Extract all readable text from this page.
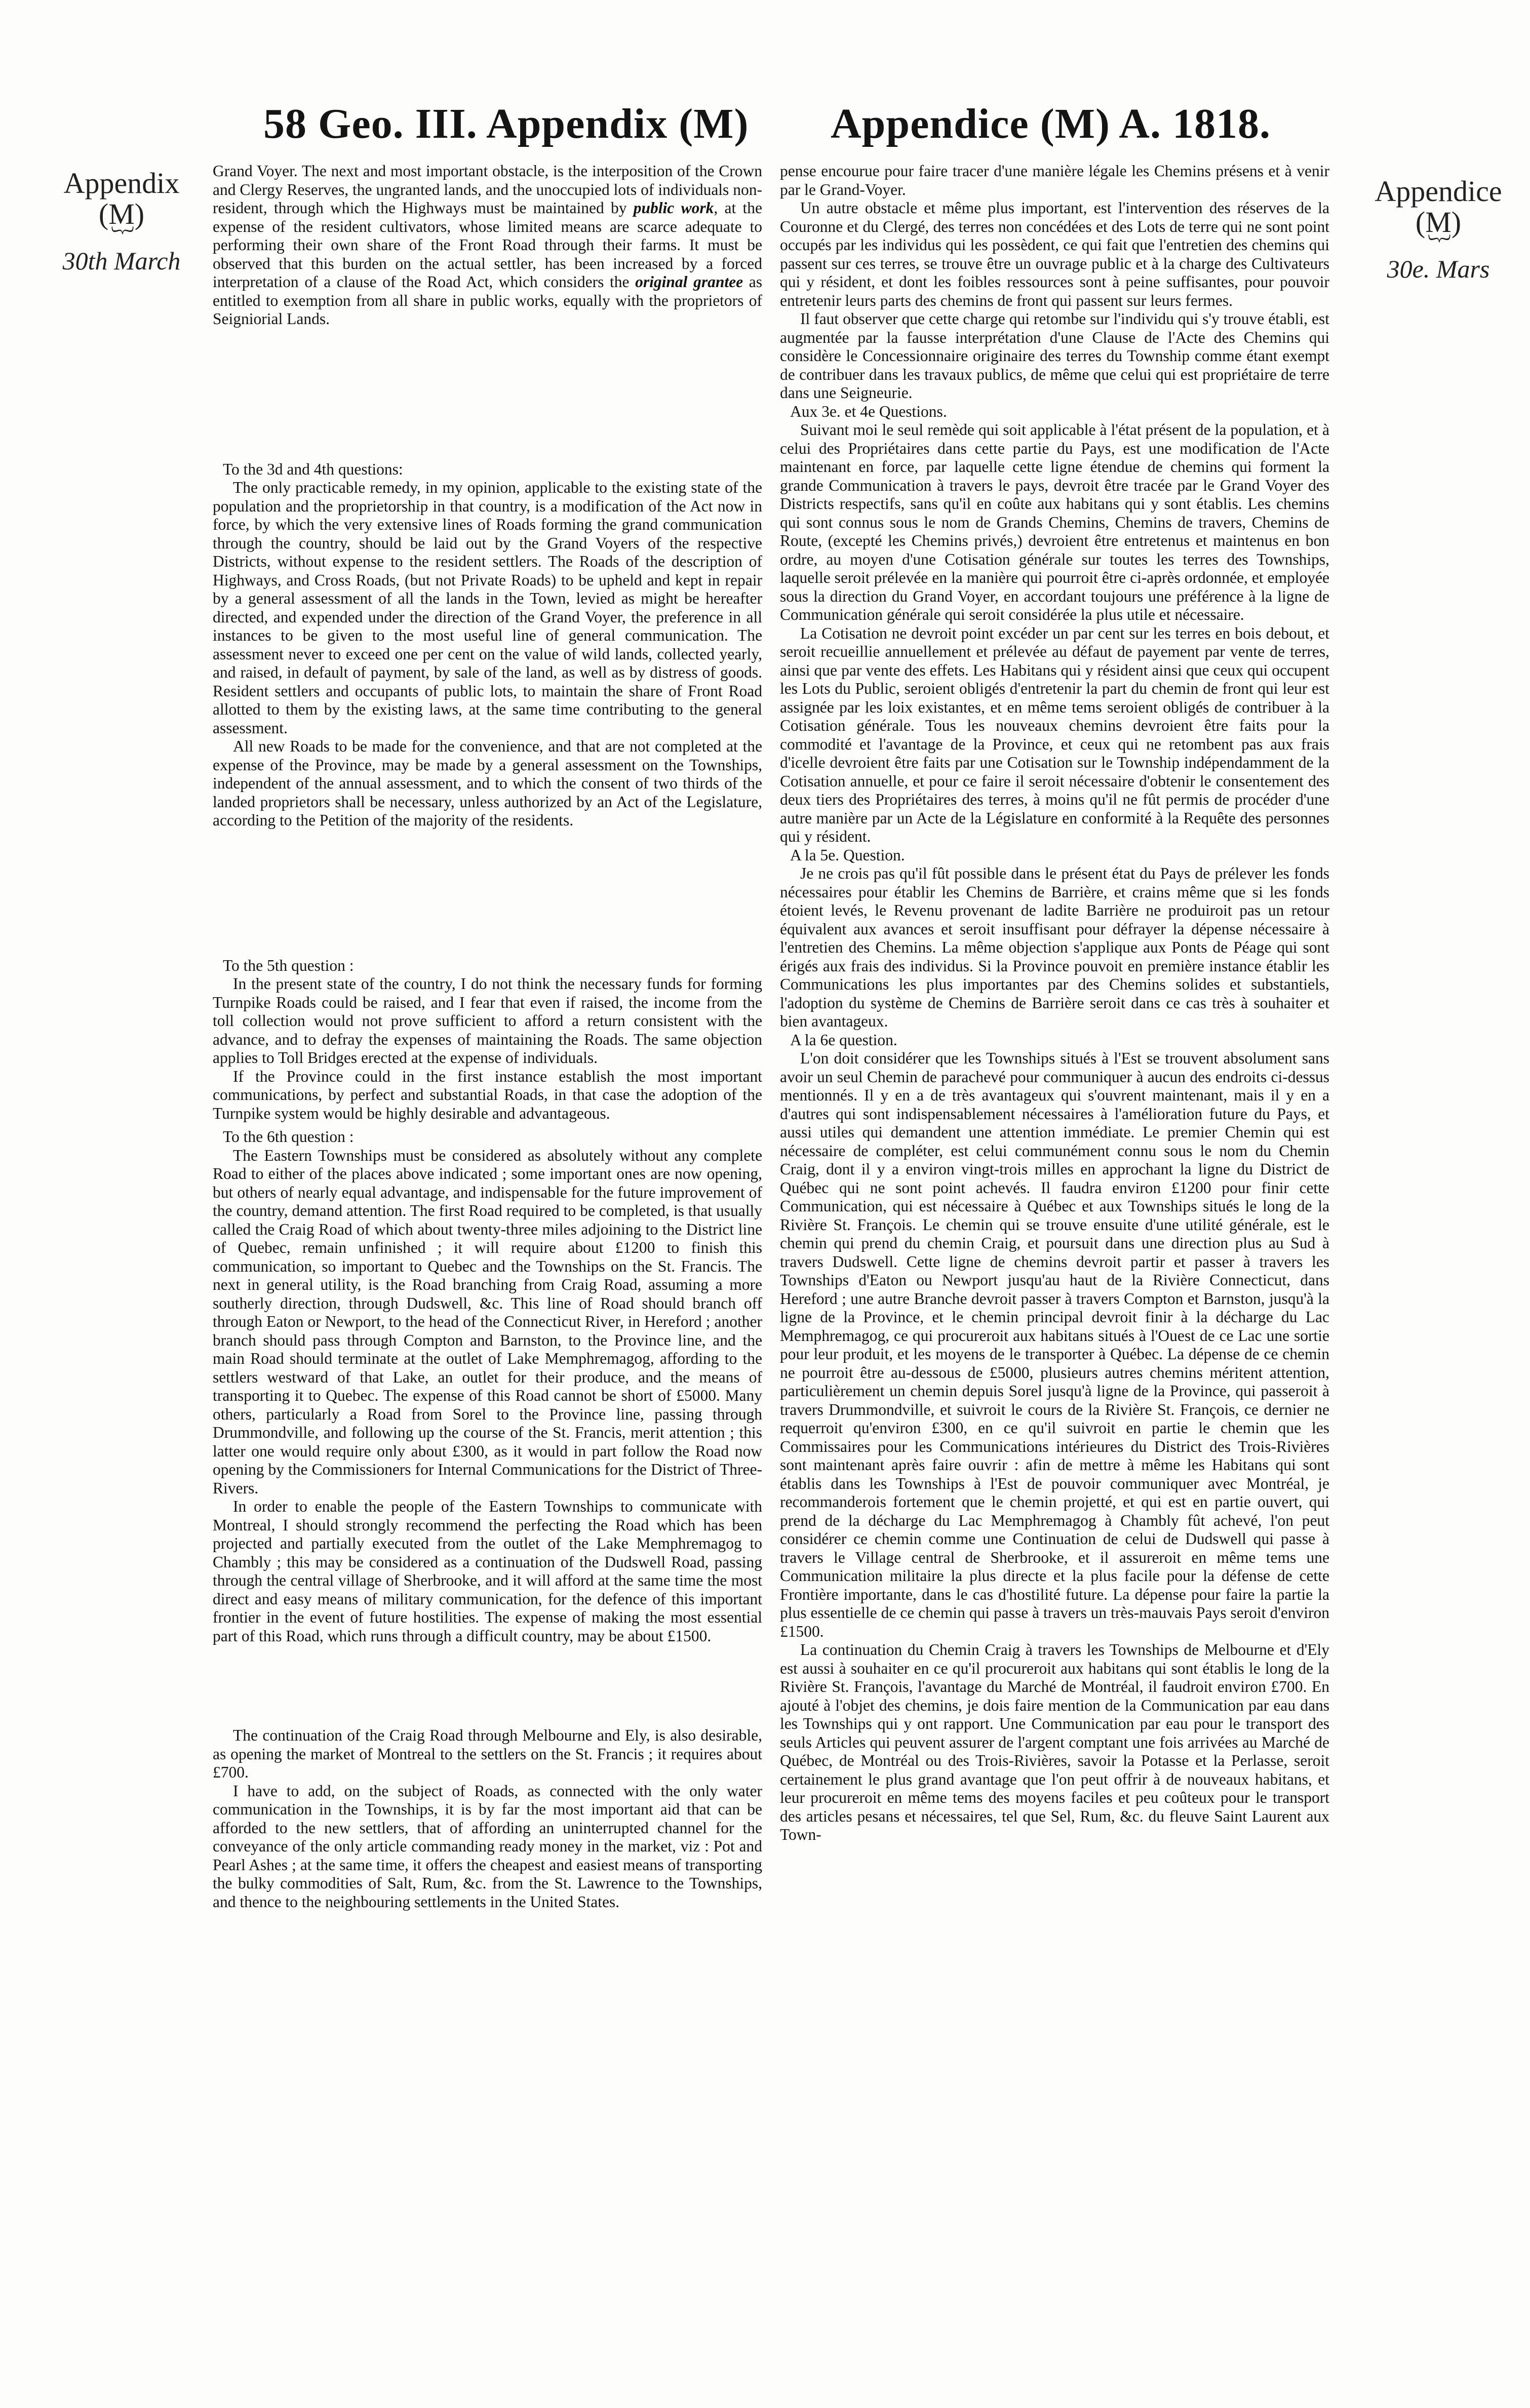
58 Geo. III. Appendix (M) Appendice (M) A. 1818.
Appendix
(M)
︸
30th March
Appendice
(M)
︸
30e. Mars

Grand Voyer. The next and most important obstacle, is the interposition of the Crown and Clergy Reserves, the ungranted lands, and the unoccupied lots of individuals non-resident, through which the Highways must be maintained by public work, at the expense of the resident cultivators, whose limited means are scarce adequate to performing their own share of the Front Road through their farms. It must be observed that this burden on the actual settler, has been increased by a forced interpretation of a clause of the Road Act, which considers the original grantee as entitled to exemption from all share in public works, equally with the proprietors of Seigniorial Lands.

To the 3d and 4th questions:

The only practicable remedy, in my opinion, applicable to the existing state of the population and the proprietorship in that country, is a modification of the Act now in force, by which the very extensive lines of Roads forming the grand communication through the country, should be laid out by the Grand Voyers of the respective Districts, without expense to the resident settlers. The Roads of the description of Highways, and Cross Roads, (but not Private Roads) to be upheld and kept in repair by a general assessment of all the lands in the Town, levied as might be hereafter directed, and expended under the direction of the Grand Voyer, the preference in all instances to be given to the most useful line of general communication. The assessment never to exceed one per cent on the value of wild lands, collected yearly, and raised, in default of payment, by sale of the land, as well as by distress of goods. Resident settlers and occupants of public lots, to maintain the share of Front Road allotted to them by the existing laws, at the same time contributing to the general assessment.

All new Roads to be made for the convenience, and that are not completed at the expense of the Province, may be made by a general assessment on the Townships, independent of the annual assessment, and to which the consent of two thirds of the landed proprietors shall be necessary, unless authorized by an Act of the Legislature, according to the Petition of the majority of the residents.

To the 5th question :

In the present state of the country, I do not think the necessary funds for forming Turnpike Roads could be raised, and I fear that even if raised, the income from the toll collection would not prove sufficient to afford a return consistent with the advance, and to defray the expenses of maintaining the Roads. The same objection applies to Toll Bridges erected at the expense of individuals.

If the Province could in the first instance establish the most important communications, by perfect and substantial Roads, in that case the adoption of the Turnpike system would be highly desirable and advantageous.

To the 6th question :

The Eastern Townships must be considered as absolutely without any complete Road to either of the places above indicated ; some important ones are now opening, but others of nearly equal advantage, and indispensable for the future improvement of the country, demand attention. The first Road required to be completed, is that usually called the Craig Road of which about twenty-three miles adjoining to the District line of Quebec, remain unfinished ; it will require about £1200 to finish this communication, so important to Quebec and the Townships on the St. Francis. The next in general utility, is the Road branching from Craig Road, assuming a more southerly direction, through Dudswell, &c. This line of Road should branch off through Eaton or Newport, to the head of the Connecticut River, in Hereford ; another branch should pass through Compton and Barnston, to the Province line, and the main Road should terminate at the outlet of Lake Memphremagog, affording to the settlers westward of that Lake, an outlet for their produce, and the means of transporting it to Quebec. The expense of this Road cannot be short of £5000. Many others, particularly a Road from Sorel to the Province line, passing through Drummondville, and following up the course of the St. Francis, merit attention ; this latter one would require only about £300, as it would in part follow the Road now opening by the Commissioners for Internal Communications for the District of Three-Rivers.

In order to enable the people of the Eastern Townships to communicate with Montreal, I should strongly recommend the perfecting the Road which has been projected and partially executed from the outlet of the Lake Memphremagog to Chambly ; this may be considered as a continuation of the Dudswell Road, passing through the central village of Sherbrooke, and it will afford at the same time the most direct and easy means of military communication, for the defence of this important frontier in the event of future hostilities. The expense of making the most essential part of this Road, which runs through a difficult country, may be about £1500.

The continuation of the Craig Road through Melbourne and Ely, is also desirable, as opening the market of Montreal to the settlers on the St. Francis ; it requires about £700.

I have to add, on the subject of Roads, as connected with the only water communication in the Townships, it is by far the most important aid that can be afforded to the new settlers, that of affording an uninterrupted channel for the conveyance of the only article commanding ready money in the market, viz : Pot and Pearl Ashes ; at the same time, it offers the cheapest and easiest means of transporting the bulky commodities of Salt, Rum, &c. from the St. Lawrence to the Townships, and thence to the neighbouring settlements in the United States.

pense encourue pour faire tracer d'une manière légale les Chemins présens et à venir par le Grand-Voyer.

Un autre obstacle et même plus important, est l'intervention des réserves de la Couronne et du Clergé, des terres non concédées et des Lots de terre qui ne sont point occupés par les individus qui les possèdent, ce qui fait que l'entretien des chemins qui passent sur ces terres, se trouve être un ouvrage public et à la charge des Cultivateurs qui y résident, et dont les foibles ressources sont à peine suffisantes, pour pouvoir entretenir leurs parts des chemins de front qui passent sur leurs fermes.

Il faut observer que cette charge qui retombe sur l'individu qui s'y trouve établi, est augmentée par la fausse interprétation d'une Clause de l'Acte des Chemins qui considère le Concessionnaire originaire des terres du Township comme étant exempt de contribuer dans les travaux publics, de même que celui qui est propriétaire de terre dans une Seigneurie.

Aux 3e. et 4e Questions.

Suivant moi le seul remède qui soit applicable à l'état présent de la population, et à celui des Propriétaires dans cette partie du Pays, est une modification de l'Acte maintenant en force, par laquelle cette ligne étendue de chemins qui forment la grande Communication à travers le pays, devroit être tracée par le Grand Voyer des Districts respectifs, sans qu'il en coûte aux habitans qui y sont établis. Les chemins qui sont connus sous le nom de Grands Chemins, Chemins de travers, Chemins de Route, (excepté les Chemins privés,) devroient être entretenus et maintenus en bon ordre, au moyen d'une Cotisation générale sur toutes les terres des Townships, laquelle seroit prélevée en la manière qui pourroit être ci-après ordonnée, et employée sous la direction du Grand Voyer, en accordant toujours une préférence à la ligne de Communication générale qui seroit considérée la plus utile et nécessaire.

La Cotisation ne devroit point excéder un par cent sur les terres en bois debout, et seroit recueillie annuellement et prélevée au défaut de payement par vente de terres, ainsi que par vente des effets. Les Habitans qui y résident ainsi que ceux qui occupent les Lots du Public, seroient obligés d'entretenir la part du chemin de front qui leur est assignée par les loix existantes, et en même tems seroient obligés de contribuer à la Cotisation générale. Tous les nouveaux chemins devroient être faits pour la commodité et l'avantage de la Province, et ceux qui ne retombent pas aux frais d'icelle devroient être faits par une Cotisation sur le Township indépendamment de la Cotisation annuelle, et pour ce faire il seroit nécessaire d'obtenir le consentement des deux tiers des Propriétaires des terres, à moins qu'il ne fût permis de procéder d'une autre manière par un Acte de la Législature en conformité à la Requête des personnes qui y résident.

A la 5e. Question.

Je ne crois pas qu'il fût possible dans le présent état du Pays de prélever les fonds nécessaires pour établir les Chemins de Barrière, et crains même que si les fonds étoient levés, le Revenu provenant de ladite Barrière ne produiroit pas un retour équivalent aux avances et seroit insuffisant pour défrayer la dépense nécessaire à l'entretien des Chemins. La même objection s'applique aux Ponts de Péage qui sont érigés aux frais des individus. Si la Province pouvoit en première instance établir les Communications les plus importantes par des Chemins solides et substantiels, l'adoption du système de Chemins de Barrière seroit dans ce cas très à souhaiter et bien avantageux.

A la 6e question.

L'on doit considérer que les Townships situés à l'Est se trouvent absolument sans avoir un seul Chemin de parachevé pour communiquer à aucun des endroits ci-dessus mentionnés. Il y en a de très avantageux qui s'ouvrent maintenant, mais il y en a d'autres qui sont indispensablement nécessaires à l'amélioration future du Pays, et aussi utiles qui demandent une attention immédiate. Le premier Chemin qui est nécessaire de compléter, est celui communément connu sous le nom du Chemin Craig, dont il y a environ vingt-trois milles en approchant la ligne du District de Québec qui ne sont point achevés. Il faudra environ £1200 pour finir cette Communication, qui est nécessaire à Québec et aux Townships situés le long de la Rivière St. François. Le chemin qui se trouve ensuite d'une utilité générale, est le chemin qui prend du chemin Craig, et poursuit dans une direction plus au Sud à travers Dudswell. Cette ligne de chemins devroit partir et passer à travers les Townships d'Eaton ou Newport jusqu'au haut de la Rivière Connecticut, dans Hereford ; une autre Branche devroit passer à travers Compton et Barnston, jusqu'à la ligne de la Province, et le chemin principal devroit finir à la décharge du Lac Memphremagog, ce qui procureroit aux habitans situés à l'Ouest de ce Lac une sortie pour leur produit, et les moyens de le transporter à Québec. La dépense de ce chemin ne pourroit être au-dessous de £5000, plusieurs autres chemins méritent attention, particulièrement un chemin depuis Sorel jusqu'à ligne de la Province, qui passeroit à travers Drummondville, et suivroit le cours de la Rivière St. François, ce dernier ne requerroit qu'environ £300, en ce qu'il suivroit en partie le chemin que les Commissaires pour les Communications intérieures du District des Trois-Rivières sont maintenant après faire ouvrir : afin de mettre à même les Habitans qui sont établis dans les Townships à l'Est de pouvoir communiquer avec Montréal, je recommanderois fortement que le chemin projetté, et qui est en partie ouvert, qui prend de la décharge du Lac Memphremagog à Chambly fût achevé, l'on peut considérer ce chemin comme une Continuation de celui de Dudswell qui passe à travers le Village central de Sherbrooke, et il assureroit en même tems une Communication militaire la plus directe et la plus facile pour la défense de cette Frontière importante, dans le cas d'hostilité future. La dépense pour faire la partie la plus essentielle de ce chemin qui passe à travers un très-mauvais Pays seroit d'environ £1500.

La continuation du Chemin Craig à travers les Townships de Melbourne et d'Ely est aussi à souhaiter en ce qu'il procureroit aux habitans qui sont établis le long de la Rivière St. François, l'avantage du Marché de Montréal, il faudroit environ £700. En ajouté à l'objet des chemins, je dois faire mention de la Communication par eau dans les Townships qui y ont rapport. Une Communication par eau pour le transport des seuls Articles qui peuvent assurer de l'argent comptant une fois arrivées au Marché de Québec, de Montréal ou des Trois-Rivières, savoir la Potasse et la Perlasse, seroit certainement le plus grand avantage que l'on peut offrir à de nouveaux habitans, et leur procureroit en même tems des moyens faciles et peu coûteux pour le transport des articles pesans et nécessaires, tel que Sel, Rum, &c. du fleuve Saint Laurent aux Town-
